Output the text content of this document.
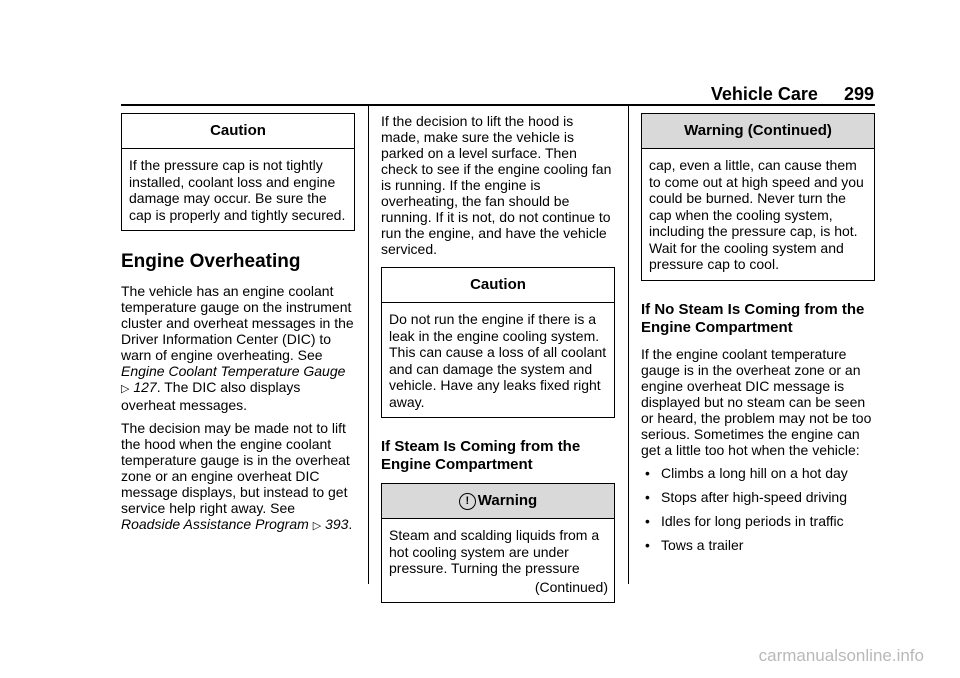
Vehicle Care 299
Caution
If the pressure cap is not tightly installed, coolant loss and engine damage may occur. Be sure the cap is properly and tightly secured.
Engine Overheating

The vehicle has an engine coolant temperature gauge on the instrument cluster and overheat messages in the Driver Information Center (DIC) to warn of engine overheating. See Engine Coolant Temperature Gauge ▷ 127. The DIC also displays overheat messages.

The decision may be made not to lift the hood when the engine coolant temperature gauge is in the overheat zone or an engine overheat DIC message displays, but instead to get service help right away. See Roadside Assistance Program ▷ 393.

If the decision to lift the hood is made, make sure the vehicle is parked on a level surface. Then check to see if the engine cooling fan is running. If the engine is overheating, the fan should be running. If it is not, do not continue to run the engine, and have the vehicle serviced.

Caution
Do not run the engine if there is a leak in the engine cooling system. This can cause a loss of all coolant and can damage the system and vehicle. Have any leaks fixed right away.
If Steam Is Coming from the Engine Compartment
! Warning
Steam and scalding liquids from a hot cooling system are under pressure. Turning the pressure
(Continued)
Warning (Continued)
cap, even a little, can cause them to come out at high speed and you could be burned. Never turn the cap when the cooling system, including the pressure cap, is hot. Wait for the cooling system and pressure cap to cool.
If No Steam Is Coming from the Engine Compartment

If the engine coolant temperature gauge is in the overheat zone or an engine overheat DIC message is displayed but no steam can be seen or heard, the problem may not be too serious. Sometimes the engine can get a little too hot when the vehicle:

• Climbs a long hill on a hot day
• Stops after high-speed driving
• Idles for long periods in traffic
• Tows a trailer
carmanualsonline.info
